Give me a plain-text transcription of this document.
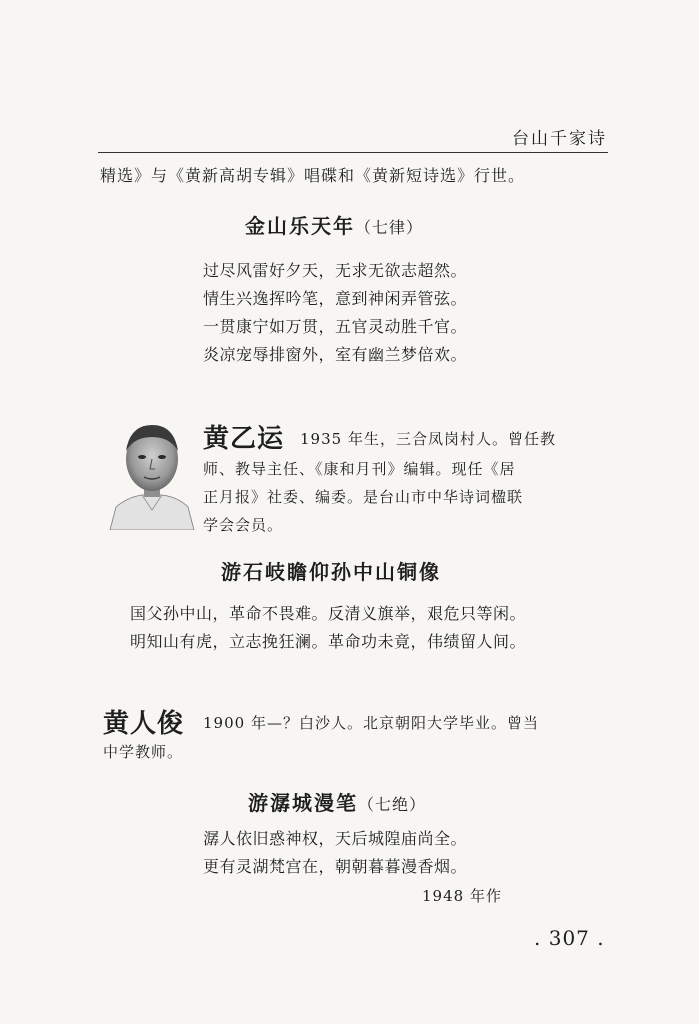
台山千家诗
精选》与《黄新高胡专辑》唱碟和《黄新短诗选》行世。
金山乐天年（七律）
过尽风雷好夕天，无求无欲志超然。
情生兴逸挥吟笔，意到神闲弄管弦。
一贯康宁如万贯，五官灵动胜千官。
炎凉宠辱排窗外，室有幽兰梦倍欢。
黄乙运 1935 年生，三合凤岗村人。曾任教
师、教导主任、《康和月刊》编辑。现任《居
正月报》社委、编委。是台山市中华诗词楹联
学会会员。
游石岐瞻仰孙中山铜像
国父孙中山，革命不畏难。反清义旗举，艰危只等闲。
明知山有虎，立志挽狂澜。革命功未竟，伟绩留人间。
黄人俊 1900 年—？白沙人。北京朝阳大学毕业。曾当
中学教师。
游潺城漫笔（七绝）
潺人依旧惑神权，天后城隍庙尚全。
更有灵湖梵宫在，朝朝暮暮漫香烟。
1948 年作
. 307 .
